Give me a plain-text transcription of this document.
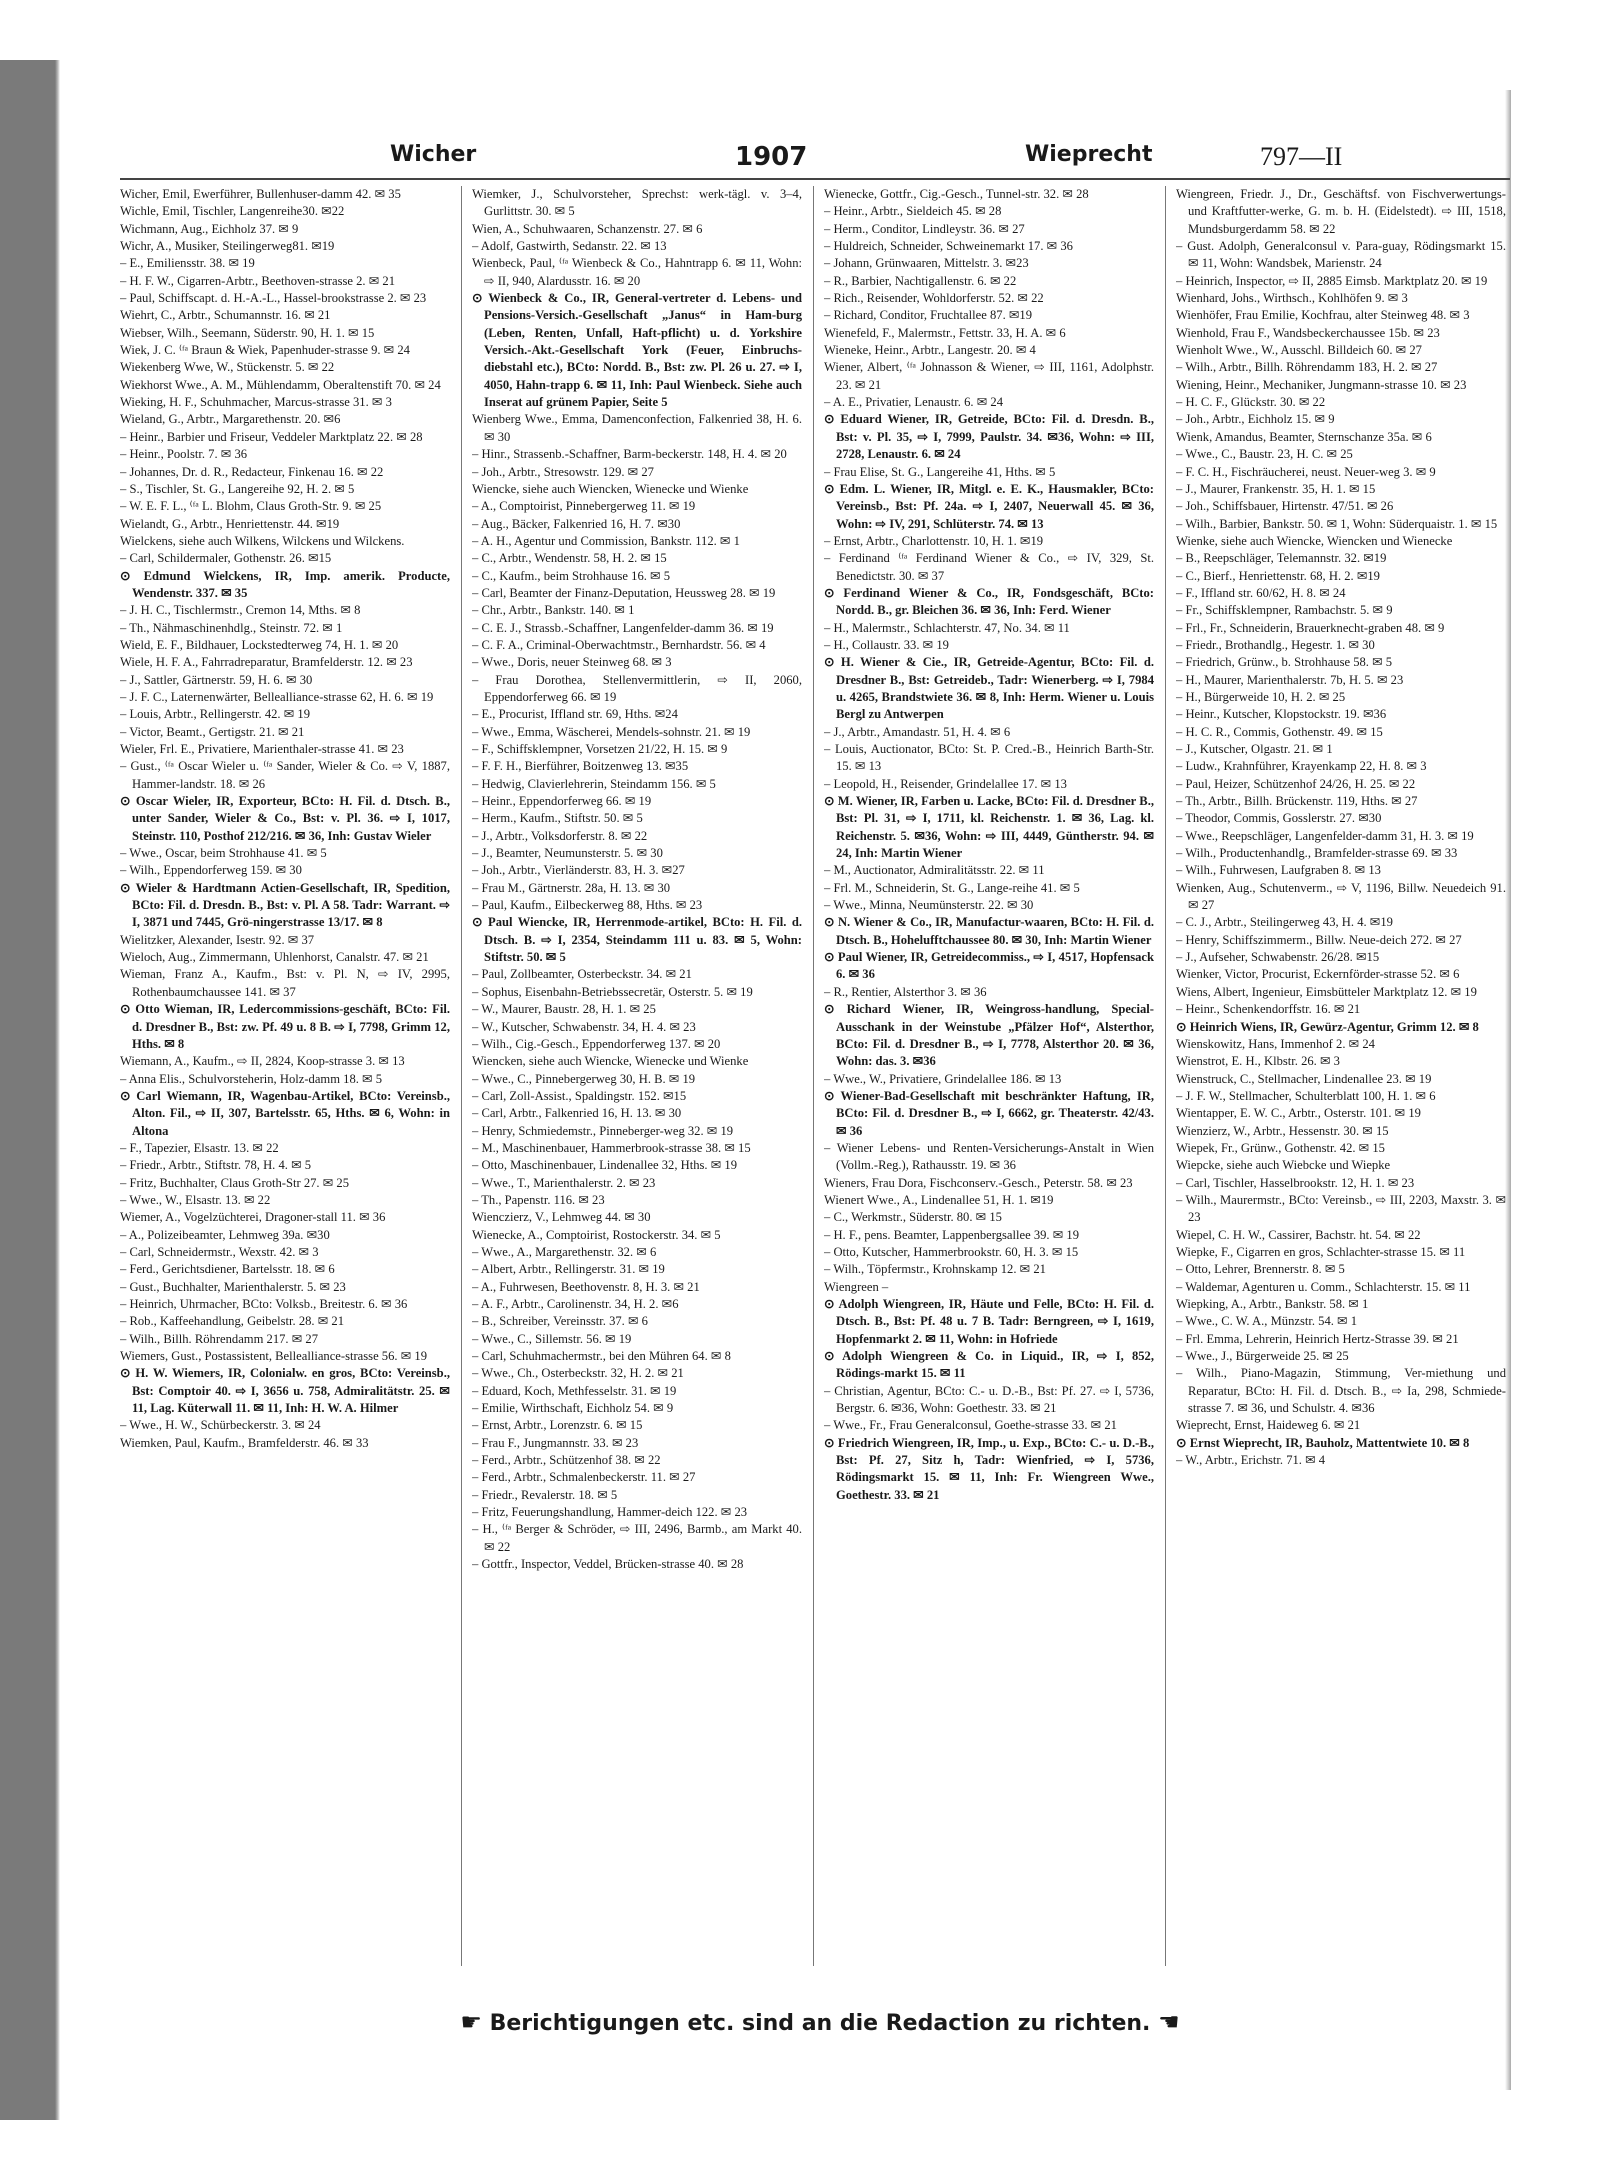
Wicher	1907	Wieprecht	797—II

Wicher, Emil, Ewerführer, Bullenhuser-damm 42. ✉ 35

Wichle, Emil, Tischler, Langenreihe30. ✉22

Wichmann, Aug., Eichholz 37. ✉ 9

Wichr, A., Musiker, Steilingerweg81. ✉19

– E., Emiliensstr. 38. ✉ 19

– H. F. W., Cigarren-Arbtr., Beethoven-strasse 2. ✉ 21

– Paul, Schiffscapt. d. H.-A.-L., Hassel-brookstrasse 2. ✉ 23

Wiehrt, C., Arbtr., Schumannstr. 16. ✉ 21

Wiebser, Wilh., Seemann, Süderstr. 90, H. 1. ✉ 15

Wiek, J. C. ⁽ᶠᵃ Braun & Wiek, Papenhuder-strasse 9. ✉ 24

Wiekenberg Wwe, W., Stückenstr. 5. ✉ 22

Wiekhorst Wwe., A. M., Mühlendamm, Oberaltenstift 70. ✉ 24

Wieking, H. F., Schuhmacher, Marcus-strasse 31. ✉ 3

Wieland, G., Arbtr., Margarethenstr. 20. ✉6

– Heinr., Barbier und Friseur, Veddeler Marktplatz 22. ✉ 28

– Heinr., Poolstr. 7. ✉ 36

– Johannes, Dr. d. R., Redacteur, Finkenau 16. ✉ 22

– S., Tischler, St. G., Langereihe 92, H. 2. ✉ 5

– W. E. F. L., ⁽ᶠᵃ L. Blohm, Claus Groth-Str. 9. ✉ 25

Wielandt, G., Arbtr., Henriettenstr. 44. ✉19

Wielckens, siehe auch Wilkens, Wilckens und Wilckens.

– Carl, Schildermaler, Gothenstr. 26. ✉15

⊙ Edmund Wielckens, IR, Imp. amerik. Producte, Wendenstr. 337. ✉ 35

– J. H. C., Tischlermstr., Cremon 14, Mths. ✉ 8

– Th., Nähmaschinenhdlg., Steinstr. 72. ✉ 1

Wield, E. F., Bildhauer, Lockstedterweg 74, H. 1. ✉ 20

Wiele, H. F. A., Fahrradreparatur, Bramfelderstr. 12. ✉ 23

– J., Sattler, Gärtnerstr. 59, H. 6. ✉ 30

– J. F. C., Laternenwärter, Bellealliance-strasse 62, H. 6. ✉ 19

– Louis, Arbtr., Rellingerstr. 42. ✉ 19

– Victor, Beamt., Gertigstr. 21. ✉ 21

Wieler, Frl. E., Privatiere, Marienthaler-strasse 41. ✉ 23

– Gust., ⁽ᶠᵃ Oscar Wieler u. ⁽ᶠᵃ Sander, Wieler & Co. ⇨ V, 1887, Hammer-landstr. 18. ✉ 26

⊙ Oscar Wieler, IR, Exporteur, BCto: H. Fil. d. Dtsch. B., unter Sander, Wieler & Co., Bst: v. Pl. 36. ⇨ I, 1017, Steinstr. 110, Posthof 212/216. ✉ 36, Inh: Gustav Wieler

– Wwe., Oscar, beim Strohhause 41. ✉ 5

– Wilh., Eppendorferweg 159. ✉ 30

⊙ Wieler & Hardtmann Actien-Gesellschaft, IR, Spedition, BCto: Fil. d. Dresdn. B., Bst: v. Pl. A 58. Tadr: Warrant. ⇨ I, 3871 und 7445, Grö-ningerstrasse 13/17. ✉ 8

Wielitzker, Alexander, Isestr. 92. ✉ 37

Wieloch, Aug., Zimmermann, Uhlenhorst, Canalstr. 47. ✉ 21

Wieman, Franz A., Kaufm., Bst: v. Pl. N, ⇨ IV, 2995, Rothenbaumchaussee 141. ✉ 37

⊙ Otto Wieman, IR, Ledercommissions-geschäft, BCto: Fil. d. Dresdner B., Bst: zw. Pf. 49 u. 8 B. ⇨ I, 7798, Grimm 12, Hths. ✉ 8

Wiemann, A., Kaufm., ⇨ II, 2824, Koop-strasse 3. ✉ 13

– Anna Elis., Schulvorsteherin, Holz-damm 18. ✉ 5

⊙ Carl Wiemann, IR, Wagenbau-Artikel, BCto: Vereinsb., Alton. Fil., ⇨ II, 307, Bartelsstr. 65, Hths. ✉ 6, Wohn: in Altona

– F., Tapezier, Elsastr. 13. ✉ 22

– Friedr., Arbtr., Stiftstr. 78, H. 4. ✉ 5

– Fritz, Buchhalter, Claus Groth-Str 27. ✉ 25

– Wwe., W., Elsastr. 13. ✉ 22

Wiemer, A., Vogelzüchterei, Dragoner-stall 11. ✉ 36

– A., Polizeibeamter, Lehmweg 39a. ✉30

– Carl, Schneidermstr., Wexstr. 42. ✉ 3

– Ferd., Gerichtsdiener, Bartelsstr. 18. ✉ 6

– Gust., Buchhalter, Marienthalerstr. 5. ✉ 23

– Heinrich, Uhrmacher, BCto: Volksb., Breitestr. 6. ✉ 36

– Rob., Kaffeehandlung, Geibelstr. 28. ✉ 21

– Wilh., Billh. Röhrendamm 217. ✉ 27

Wiemers, Gust., Postassistent, Bellealliance-strasse 56. ✉ 19

⊙ H. W. Wiemers, IR, Colonialw. en gros, BCto: Vereinsb., Bst: Comptoir 40. ⇨ I, 3656 u. 758, Admiralitätstr. 25. ✉ 11, Lag. Küterwall 11. ✉ 11, Inh: H. W. A. Hilmer

– Wwe., H. W., Schürbeckerstr. 3. ✉ 24

Wiemken, Paul, Kaufm., Bramfelderstr. 46. ✉ 33

Wiemker, J., Schulvorsteher, Sprechst: werk-tägl. v. 3–4, Gurlittstr. 30. ✉ 5

Wien, A., Schuhwaaren, Schanzenstr. 27. ✉ 6

– Adolf, Gastwirth, Sedanstr. 22. ✉ 13

Wienbeck, Paul, ⁽ᶠᵃ Wienbeck & Co., Hahntrapp 6. ✉ 11, Wohn: ⇨ II, 940, Alardusstr. 16. ✉ 20

⊙ Wienbeck & Co., IR, General-vertreter d. Lebens- und Pensions-Versich.-Gesellschaft „Janus“ in Ham-burg (Leben, Renten, Unfall, Haft-pflicht) u. d. Yorkshire Versich.-Akt.-Gesellschaft York (Feuer, Einbruchs-diebstahl etc.), BCto: Nordd. B., Bst: zw. Pl. 26 u. 27. ⇨ I, 4050, Hahn-trapp 6. ✉ 11, Inh: Paul Wienbeck. Siehe auch Inserat auf grünem Papier, Seite 5

Wienberg Wwe., Emma, Damenconfection, Falkenried 38, H. 6. ✉ 30

– Hinr., Strassenb.-Schaffner, Barm-beckerstr. 148, H. 4. ✉ 20

– Joh., Arbtr., Stresowstr. 129. ✉ 27

Wiencke, siehe auch Wiencken, Wienecke und Wienke

– A., Comptoirist, Pinnebergerweg 11. ✉ 19

– Aug., Bäcker, Falkenried 16, H. 7. ✉30

– A. H., Agentur und Commission, Bankstr. 112. ✉ 1

– C., Arbtr., Wendenstr. 58, H. 2. ✉ 15

– C., Kaufm., beim Strohhause 16. ✉ 5

– Carl, Beamter der Finanz-Deputation, Heussweg 28. ✉ 19

– Chr., Arbtr., Bankstr. 140. ✉ 1

– C. E. J., Strassb.-Schaffner, Langenfelder-damm 36. ✉ 19

– C. F. A., Criminal-Oberwachtmstr., Bernhardstr. 56. ✉ 4

– Wwe., Doris, neuer Steinweg 68. ✉ 3

– Frau Dorothea, Stellenvermittlerin, ⇨ II, 2060, Eppendorferweg 66. ✉ 19

– E., Procurist, Iffland str. 69, Hths. ✉24

– Wwe., Emma, Wäscherei, Mendels-sohnstr. 21. ✉ 19

– F., Schiffsklempner, Vorsetzen 21/22, H. 15. ✉ 9

– F. F. H., Bierführer, Boitzenweg 13. ✉35

– Hedwig, Clavierlehrerin, Steindamm 156. ✉ 5

– Heinr., Eppendorferweg 66. ✉ 19

– Herm., Kaufm., Stiftstr. 50. ✉ 5

– J., Arbtr., Volksdorferstr. 8. ✉ 22

– J., Beamter, Neumunsterstr. 5. ✉ 30

– Joh., Arbtr., Vierländerstr. 83, H. 3. ✉27

– Frau M., Gärtnerstr. 28a, H. 13. ✉ 30

– Paul, Kaufm., Eilbeckerweg 88, Hths. ✉ 23

⊙ Paul Wiencke, IR, Herrenmode-artikel, BCto: H. Fil. d. Dtsch. B. ⇨ I, 2354, Steindamm 111 u. 83. ✉ 5, Wohn: Stiftstr. 50. ✉ 5

– Paul, Zollbeamter, Osterbeckstr. 34. ✉ 21

– Sophus, Eisenbahn-Betriebssecretär, Osterstr. 5. ✉ 19

– W., Maurer, Baustr. 28, H. 1. ✉ 25

– W., Kutscher, Schwabenstr. 34, H. 4. ✉ 23

– Wilh., Cig.-Gesch., Eppendorferweg 137. ✉ 20

Wiencken, siehe auch Wiencke, Wienecke und Wienke

– Wwe., C., Pinnebergerweg 30, H. B. ✉ 19

– Carl, Zoll-Assist., Spaldingstr. 152. ✉15

– Carl, Arbtr., Falkenried 16, H. 13. ✉ 30

– Henry, Schmiedemstr., Pinneberger-weg 32. ✉ 19

– M., Maschinenbauer, Hammerbrook-strasse 38. ✉ 15

– Otto, Maschinenbauer, Lindenallee 32, Hths. ✉ 19

– Wwe., T., Marienthalerstr. 2. ✉ 23

– Th., Papenstr. 116. ✉ 23

Wienczierz, V., Lehmweg 44. ✉ 30

Wienecke, A., Comptoirist, Rostockerstr. 34. ✉ 5

– Wwe., A., Margarethenstr. 32. ✉ 6

– Albert, Arbtr., Rellingerstr. 31. ✉ 19

– A., Fuhrwesen, Beethovenstr. 8, H. 3. ✉ 21

– A. F., Arbtr., Carolinenstr. 34, H. 2. ✉6

– B., Schreiber, Vereinsstr. 37. ✉ 6

– Wwe., C., Sillemstr. 56. ✉ 19

– Carl, Schuhmachermstr., bei den Mühren 64. ✉ 8

– Wwe., Ch., Osterbeckstr. 32, H. 2. ✉ 21

– Eduard, Koch, Methfesselstr. 31. ✉ 19

– Emilie, Wirthschaft, Eichholz 54. ✉ 9

– Ernst, Arbtr., Lorenzstr. 6. ✉ 15

– Frau F., Jungmannstr. 33. ✉ 23

– Ferd., Arbtr., Schützenhof 38. ✉ 22

– Ferd., Arbtr., Schmalenbeckerstr. 11. ✉ 27

– Friedr., Revalerstr. 18. ✉ 5

– Fritz, Feuerungshandlung, Hammer-deich 122. ✉ 23

– H., ⁽ᶠᵃ Berger & Schröder, ⇨ III, 2496, Barmb., am Markt 40. ✉ 22

– Gottfr., Inspector, Veddel, Brücken-strasse 40. ✉ 28

Wienecke, Gottfr., Cig.-Gesch., Tunnel-str. 32. ✉ 28

– Heinr., Arbtr., Sieldeich 45. ✉ 28

– Herm., Conditor, Lindleystr. 36. ✉ 27

– Huldreich, Schneider, Schweinemarkt 17. ✉ 36

– Johann, Grünwaaren, Mittelstr. 3. ✉23

– R., Barbier, Nachtigallenstr. 6. ✉ 22

– Rich., Reisender, Wohldorferstr. 52. ✉ 22

– Richard, Conditor, Fruchtallee 87. ✉19

Wienefeld, F., Malermstr., Fettstr. 33, H. A. ✉ 6

Wieneke, Heinr., Arbtr., Langestr. 20. ✉ 4

Wiener, Albert, ⁽ᶠᵃ Johnasson & Wiener, ⇨ III, 1161, Adolphstr. 23. ✉ 21

– A. E., Privatier, Lenaustr. 6. ✉ 24

⊙ Eduard Wiener, IR, Getreide, BCto: Fil. d. Dresdn. B., Bst: v. Pl. 35, ⇨ I, 7999, Paulstr. 34. ✉36, Wohn: ⇨ III, 2728, Lenaustr. 6. ✉ 24

– Frau Elise, St. G., Langereihe 41, Hths. ✉ 5

⊙ Edm. L. Wiener, IR, Mitgl. e. E. K., Hausmakler, BCto: Vereinsb., Bst: Pf. 24a. ⇨ I, 2407, Neuerwall 45. ✉ 36, Wohn: ⇨ IV, 291, Schlüterstr. 74. ✉ 13

– Ernst, Arbtr., Charlottenstr. 10, H. 1. ✉19

– Ferdinand ⁽ᶠᵃ Ferdinand Wiener & Co., ⇨ IV, 329, St. Benedictstr. 30. ✉ 37

⊙ Ferdinand Wiener & Co., IR, Fondsgeschäft, BCto: Nordd. B., gr. Bleichen 36. ✉ 36, Inh: Ferd. Wiener

– H., Malermstr., Schlachterstr. 47, No. 34. ✉ 11

– H., Collaustr. 33. ✉ 19

⊙ H. Wiener & Cie., IR, Getreide-Agentur, BCto: Fil. d. Dresdner B., Bst: Getreideb., Tadr: Wienerberg. ⇨ I, 7984 u. 4265, Brandstwiete 36. ✉ 8, Inh: Herm. Wiener u. Louis Bergl zu Antwerpen

– J., Arbtr., Amandastr. 51, H. 4. ✉ 6

– Louis, Auctionator, BCto: St. P. Cred.-B., Heinrich Barth-Str. 15. ✉ 13

– Leopold, H., Reisender, Grindelallee 17. ✉ 13

⊙ M. Wiener, IR, Farben u. Lacke, BCto: Fil. d. Dresdner B., Bst: Pl. 31, ⇨ I, 1711, kl. Reichenstr. 1. ✉ 36, Lag. kl. Reichenstr. 5. ✉36, Wohn: ⇨ III, 4449, Güntherstr. 94. ✉ 24, Inh: Martin Wiener

– M., Auctionator, Admiralitätsstr. 22. ✉ 11

– Frl. M., Schneiderin, St. G., Lange-reihe 41. ✉ 5

– Wwe., Minna, Neumünsterstr. 22. ✉ 30

⊙ N. Wiener & Co., IR, Manufactur-waaren, BCto: H. Fil. d. Dtsch. B., Hohelufftchaussee 80. ✉ 30, Inh: Martin Wiener

⊙ Paul Wiener, IR, Getreidecommiss., ⇨ I, 4517, Hopfensack 6. ✉ 36

– R., Rentier, Alsterthor 3. ✉ 36

⊙ Richard Wiener, IR, Weingross-handlung, Special-Ausschank in der Weinstube „Pfälzer Hof“, Alsterthor, BCto: Fil. d. Dresdner B., ⇨ I, 7778, Alsterthor 20. ✉ 36, Wohn: das. 3. ✉36

– Wwe., W., Privatiere, Grindelallee 186. ✉ 13

⊙ Wiener-Bad-Gesellschaft mit beschränkter Haftung, IR, BCto: Fil. d. Dresdner B., ⇨ I, 6662, gr. Theaterstr. 42/43. ✉ 36

– Wiener Lebens- und Renten-Versicherungs-Anstalt in Wien (Vollm.-Reg.), Rathausstr. 19. ✉ 36

Wieners, Frau Dora, Fischconserv.-Gesch., Peterstr. 58. ✉ 23

Wienert Wwe., A., Lindenallee 51, H. 1. ✉19

– C., Werkmstr., Süderstr. 80. ✉ 15

– H. F., pens. Beamter, Lappenbergsallee 39. ✉ 19

– Otto, Kutscher, Hammerbrookstr. 60, H. 3. ✉ 15

– Wilh., Töpfermstr., Krohnskamp 12. ✉ 21

Wiengreen –

⊙ Adolph Wiengreen, IR, Häute und Felle, BCto: H. Fil. d. Dtsch. B., Bst: Pf. 48 u. 7 B. Tadr: Berngreen, ⇨ I, 1619, Hopfenmarkt 2. ✉ 11, Wohn: in Hofriede

⊙ Adolph Wiengreen & Co. in Liquid., IR, ⇨ I, 852, Rödings-markt 15. ✉ 11

– Christian, Agentur, BCto: C.- u. D.-B., Bst: Pf. 27. ⇨ I, 5736, Bergstr. 6. ✉36, Wohn: Goethestr. 33. ✉ 21

– Wwe., Fr., Frau Generalconsul, Goethe-strasse 33. ✉ 21

⊙ Friedrich Wiengreen, IR, Imp., u. Exp., BCto: C.- u. D.-B., Bst: Pf. 27, Sitz h, Tadr: Wienfried, ⇨ I, 5736, Rödingsmarkt 15. ✉ 11, Inh: Fr. Wiengreen Wwe., Goethestr. 33. ✉ 21

Wiengreen, Friedr. J., Dr., Geschäftsf. von Fischverwertungs- und Kraftfutter-werke, G. m. b. H. (Eidelstedt). ⇨ III, 1518, Mundsburgerdamm 58. ✉ 22

– Gust. Adolph, Generalconsul v. Para-guay, Rödingsmarkt 15. ✉ 11, Wohn: Wandsbek, Marienstr. 24

– Heinrich, Inspector, ⇨ II, 2885 Eimsb. Marktplatz 20. ✉ 19

Wienhard, Johs., Wirthsch., Kohlhöfen 9. ✉ 3

Wienhöfer, Frau Emilie, Kochfrau, alter Steinweg 48. ✉ 3

Wienhold, Frau F., Wandsbeckerchaussee 15b. ✉ 23

Wienholt Wwe., W., Ausschl. Billdeich 60. ✉ 27

– Wilh., Arbtr., Billh. Röhrendamm 183, H. 2. ✉ 27

Wiening, Heinr., Mechaniker, Jungmann-strasse 10. ✉ 23

– H. C. F., Glückstr. 30. ✉ 22

– Joh., Arbtr., Eichholz 15. ✉ 9

Wienk, Amandus, Beamter, Sternschanze 35a. ✉ 6

– Wwe., C., Baustr. 23, H. C. ✉ 25

– F. C. H., Fischräucherei, neust. Neuer-weg 3. ✉ 9

– J., Maurer, Frankenstr. 35, H. 1. ✉ 15

– Joh., Schiffsbauer, Hirtenstr. 47/51. ✉ 26

– Wilh., Barbier, Bankstr. 50. ✉ 1, Wohn: Süderquaistr. 1. ✉ 15

Wienke, siehe auch Wiencke, Wiencken und Wienecke

– B., Reepschläger, Telemannstr. 32. ✉19

– C., Bierf., Henriettenstr. 68, H. 2. ✉19

– F., Iffland str. 60/62, H. 8. ✉ 24

– Fr., Schiffsklempner, Rambachstr. 5. ✉ 9

– Frl., Fr., Schneiderin, Brauerknecht-graben 48. ✉ 9

– Friedr., Brothandlg., Hegestr. 1. ✉ 30

– Friedrich, Grünw., b. Strohhause 58. ✉ 5

– H., Maurer, Marienthalerstr. 7b, H. 5. ✉ 23

– H., Bürgerweide 10, H. 2. ✉ 25

– Heinr., Kutscher, Klopstockstr. 19. ✉36

– H. C. R., Commis, Gothenstr. 49. ✉ 15

– J., Kutscher, Olgastr. 21. ✉ 1

– Ludw., Krahnführer, Krayenkamp 22, H. 8. ✉ 3

– Paul, Heizer, Schützenhof 24/26, H. 25. ✉ 22

– Th., Arbtr., Billh. Brückenstr. 119, Hths. ✉ 27

– Theodor, Commis, Gosslerstr. 27. ✉30

– Wwe., Reepschläger, Langenfelder-damm 31, H. 3. ✉ 19

– Wilh., Productenhandlg., Bramfelder-strasse 69. ✉ 33

– Wilh., Fuhrwesen, Laufgraben 8. ✉ 13

Wienken, Aug., Schutenverm., ⇨ V, 1196, Billw. Neuedeich 91. ✉ 27

– C. J., Arbtr., Steilingerweg 43, H. 4. ✉19

– Henry, Schiffszimmerm., Billw. Neue-deich 272. ✉ 27

– J., Aufseher, Schwabenstr. 26/28. ✉15

Wienker, Victor, Procurist, Eckernförder-strasse 52. ✉ 6

Wiens, Albert, Ingenieur, Eimsbütteler Marktplatz 12. ✉ 19

– Heinr., Schenkendorffstr. 16. ✉ 21

⊙ Heinrich Wiens, IR, Gewürz-Agentur, Grimm 12. ✉ 8

Wienskowitz, Hans, Immenhof 2. ✉ 24

Wienstrot, E. H., Klbstr. 26. ✉ 3

Wienstruck, C., Stellmacher, Lindenallee 23. ✉ 19

– J. F. W., Stellmacher, Schulterblatt 100, H. 1. ✉ 6

Wientapper, E. W. C., Arbtr., Osterstr. 101. ✉ 19

Wienzierz, W., Arbtr., Hessenstr. 30. ✉ 15

Wiepek, Fr., Grünw., Gothenstr. 42. ✉ 15

Wiepcke, siehe auch Wiebcke und Wiepke

– Carl, Tischler, Hasselbrookstr. 12, H. 1. ✉ 23

– Wilh., Maurermstr., BCto: Vereinsb., ⇨ III, 2203, Maxstr. 3. ✉ 23

Wiepel, C. H. W., Cassirer, Bachstr. ht. 54. ✉ 22

Wiepke, F., Cigarren en gros, Schlachter-strasse 15. ✉ 11

– Otto, Lehrer, Brennerstr. 8. ✉ 5

– Waldemar, Agenturen u. Comm., Schlachterstr. 15. ✉ 11

Wiepking, A., Arbtr., Bankstr. 58. ✉ 1

– Wwe., C. W. A., Münzstr. 54. ✉ 1

– Frl. Emma, Lehrerin, Heinrich Hertz-Strasse 39. ✉ 21

– Wwe., J., Bürgerweide 25. ✉ 25

– Wilh., Piano-Magazin, Stimmung, Ver-miethung und Reparatur, BCto: H. Fil. d. Dtsch. B., ⇨ Ia, 298, Schmiede-strasse 7. ✉ 36, und Schulstr. 4. ✉36

Wieprecht, Ernst, Haideweg 6. ✉ 21

⊙ Ernst Wieprecht, IR, Bauholz, Mattentwiete 10. ✉ 8

– W., Arbtr., Erichstr. 71. ✉ 4

☛ Berichtigungen etc. sind an die Redaction zu richten. ☚
